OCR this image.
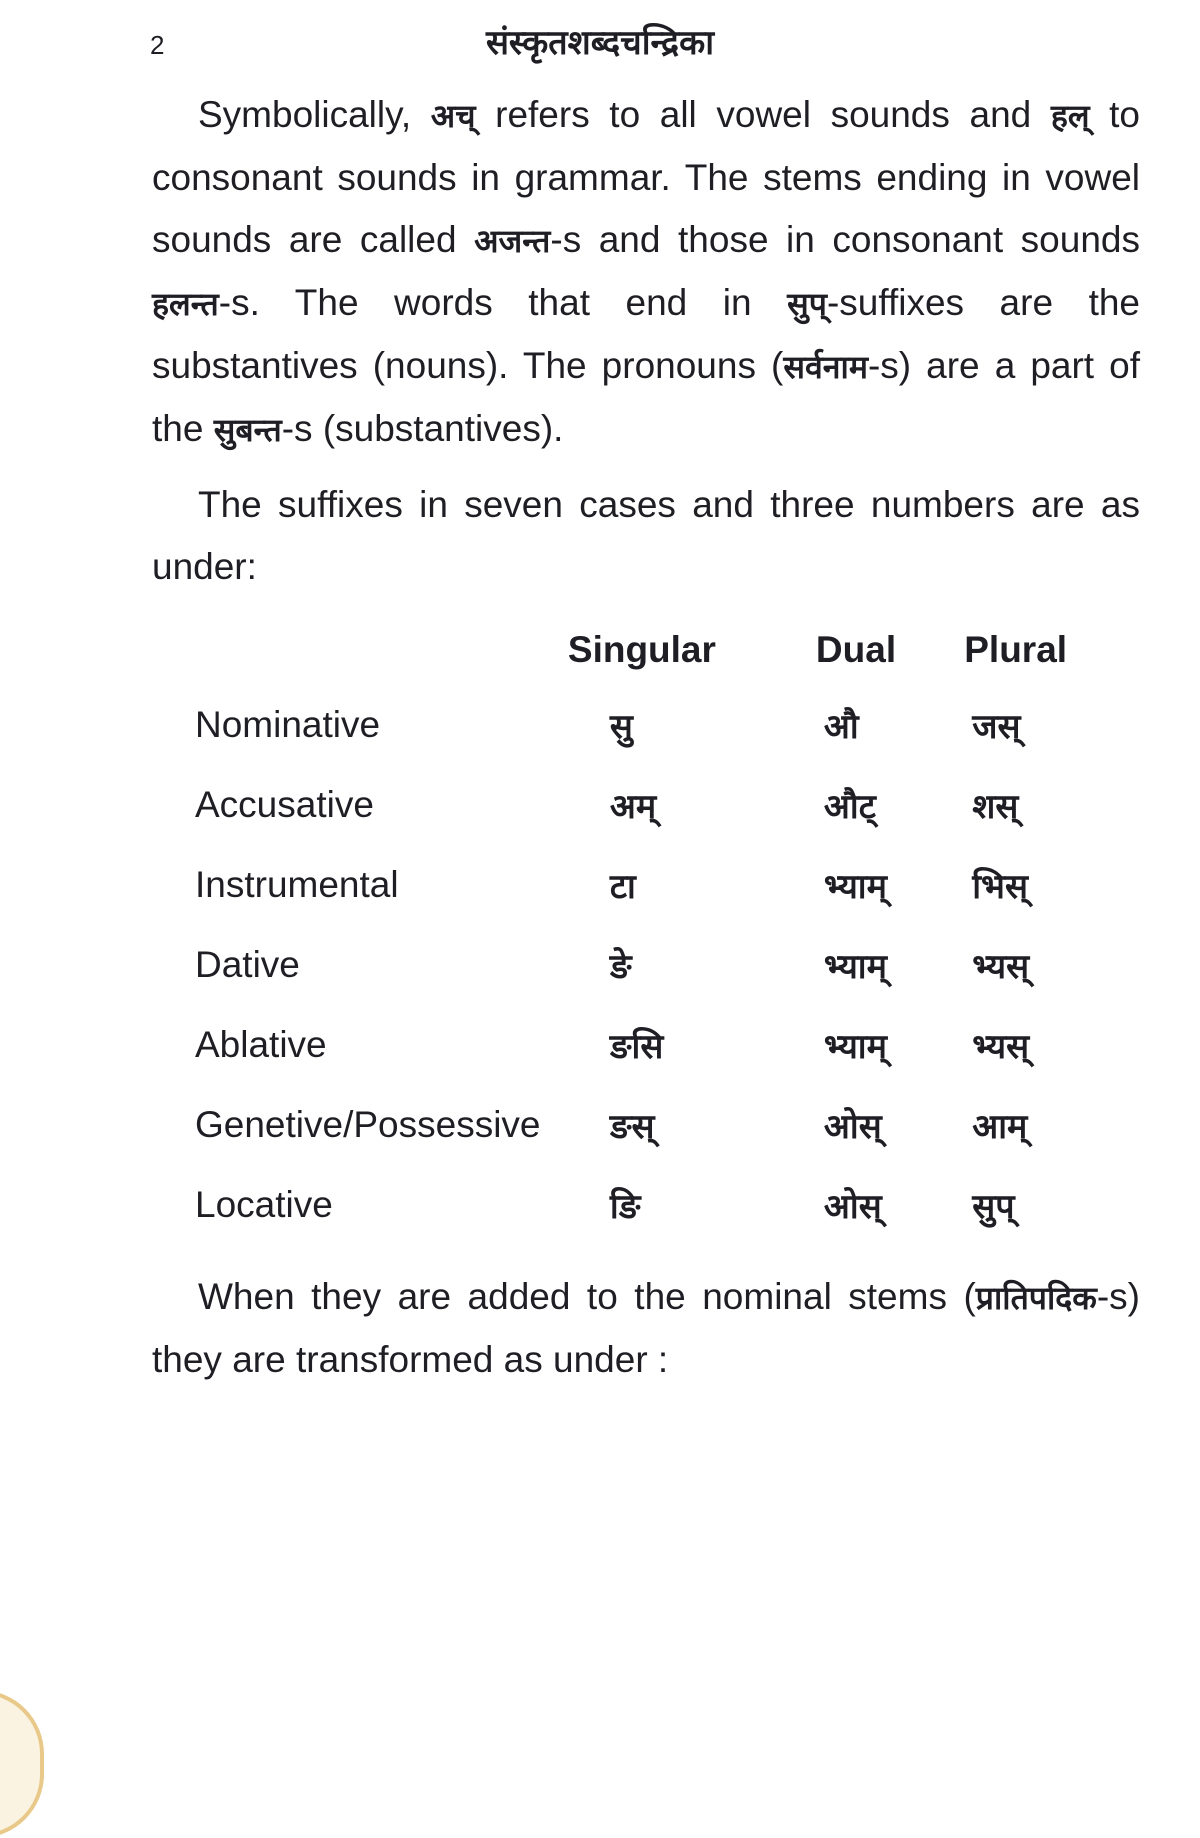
2	संस्कृतशब्दचन्द्रिका
Symbolically, अच् refers to all vowel sounds and हल् to consonant sounds in grammar. The stems ending in vowel sounds are called अजन्त-s and those in consonant sounds हलन्त-s. The words that end in सुप्-suffixes are the substantives (nouns). The pronouns (सर्वनाम-s) are a part of the सुबन्त-s (substantives).
The suffixes in seven cases and three numbers are as under:
	Singular	Dual	Plural
Nominative	सु	औ	जस्
Accusative	अम्	औट्	शस्
Instrumental	टा	भ्याम्	भिस्
Dative	ङे	भ्याम्	भ्यस्
Ablative	ङसि	भ्याम्	भ्यस्
Genetive/Possessive	ङस्	ओस्	आम्
Locative	ङि	ओस्	सुप्
When they are added to the nominal stems (प्रातिपदिक-s) they are transformed as under :
